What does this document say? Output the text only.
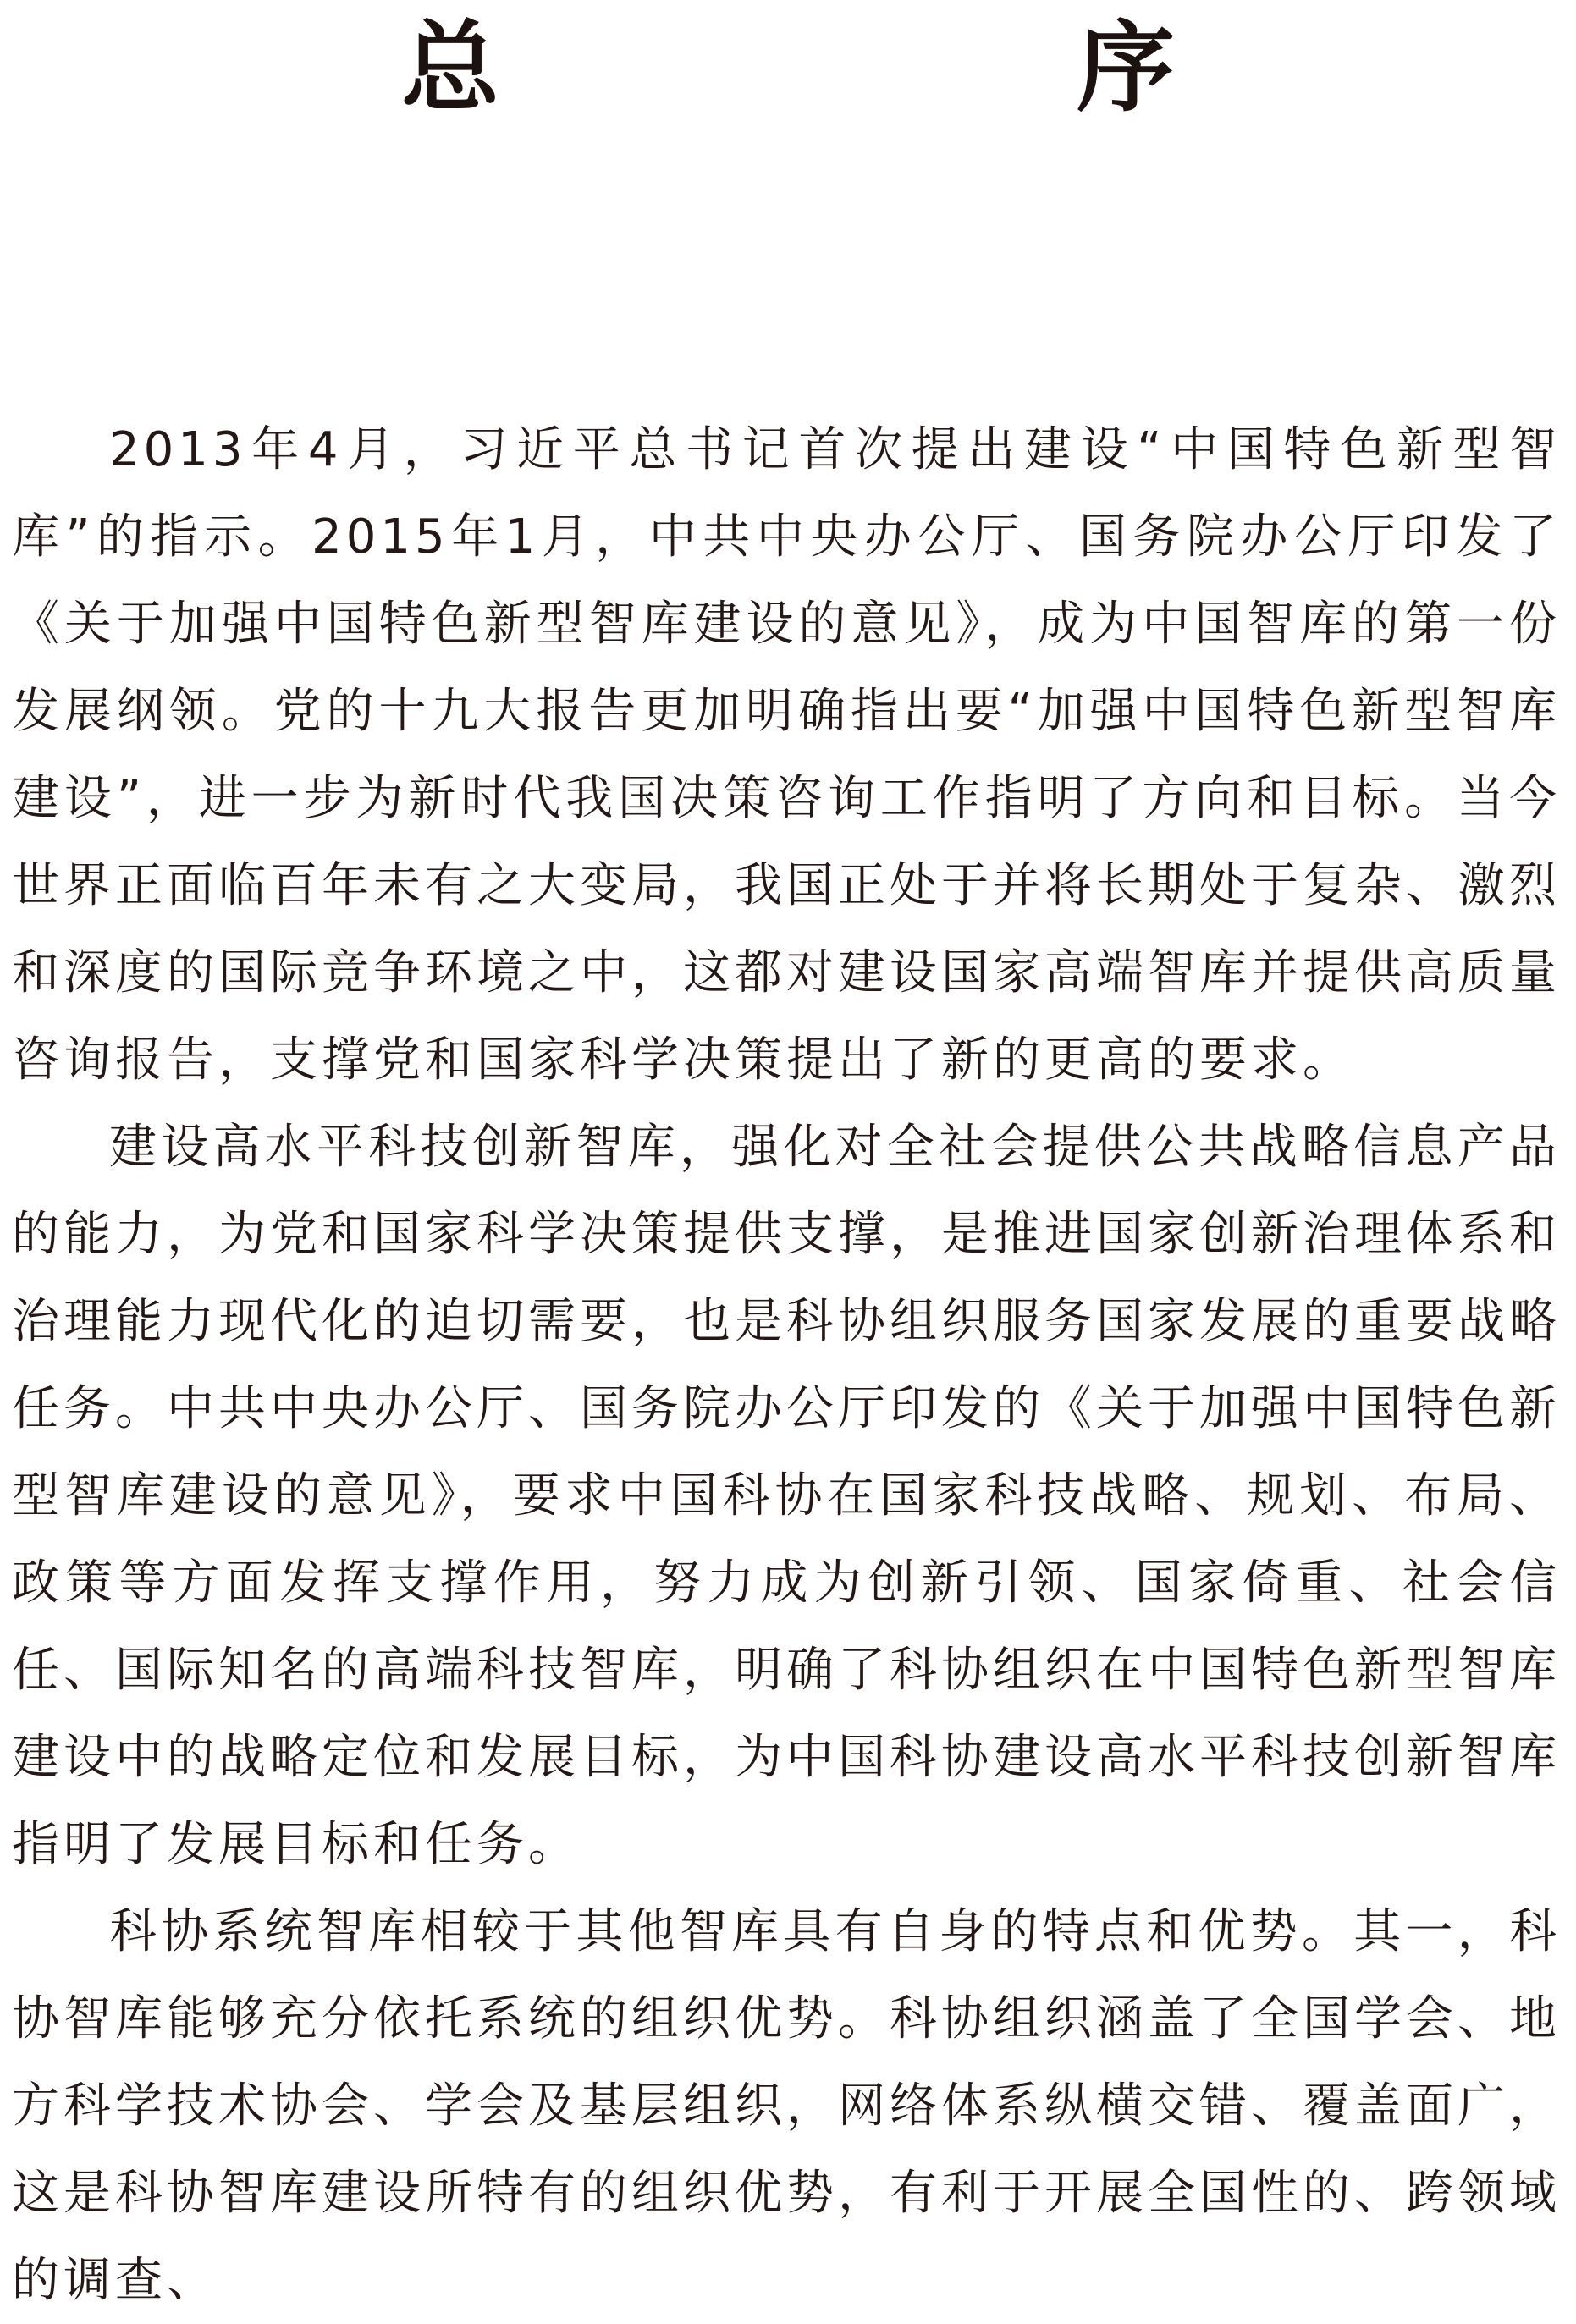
总　　序

2013年4月，习近平总书记首次提出建设“中国特色新型智库”的指示。2015年1月，中共中央办公厅、国务院办公厅印发了《关于加强中国特色新型智库建设的意见》，成为中国智库的第一份发展纲领。党的十九大报告更加明确指出要“加强中国特色新型智库建设”，进一步为新时代我国决策咨询工作指明了方向和目标。当今世界正面临百年未有之大变局，我国正处于并将长期处于复杂、激烈和深度的国际竞争环境之中，这都对建设国家高端智库并提供高质量咨询报告，支撑党和国家科学决策提出了新的更高的要求。

建设高水平科技创新智库，强化对全社会提供公共战略信息产品的能力，为党和国家科学决策提供支撑，是推进国家创新治理体系和治理能力现代化的迫切需要，也是科协组织服务国家发展的重要战略任务。中共中央办公厅、国务院办公厅印发的《关于加强中国特色新型智库建设的意见》，要求中国科协在国家科技战略、规划、布局、政策等方面发挥支撑作用，努力成为创新引领、国家倚重、社会信任、国际知名的高端科技智库，明确了科协组织在中国特色新型智库建设中的战略定位和发展目标，为中国科协建设高水平科技创新智库指明了发展目标和任务。

科协系统智库相较于其他智库具有自身的特点和优势。其一，科协智库能够充分依托系统的组织优势。科协组织涵盖了全国学会、地方科学技术协会、学会及基层组织，网络体系纵横交错、覆盖面广，这是科协智库建设所特有的组织优势，有利于开展全国性的、跨领域的调查、
